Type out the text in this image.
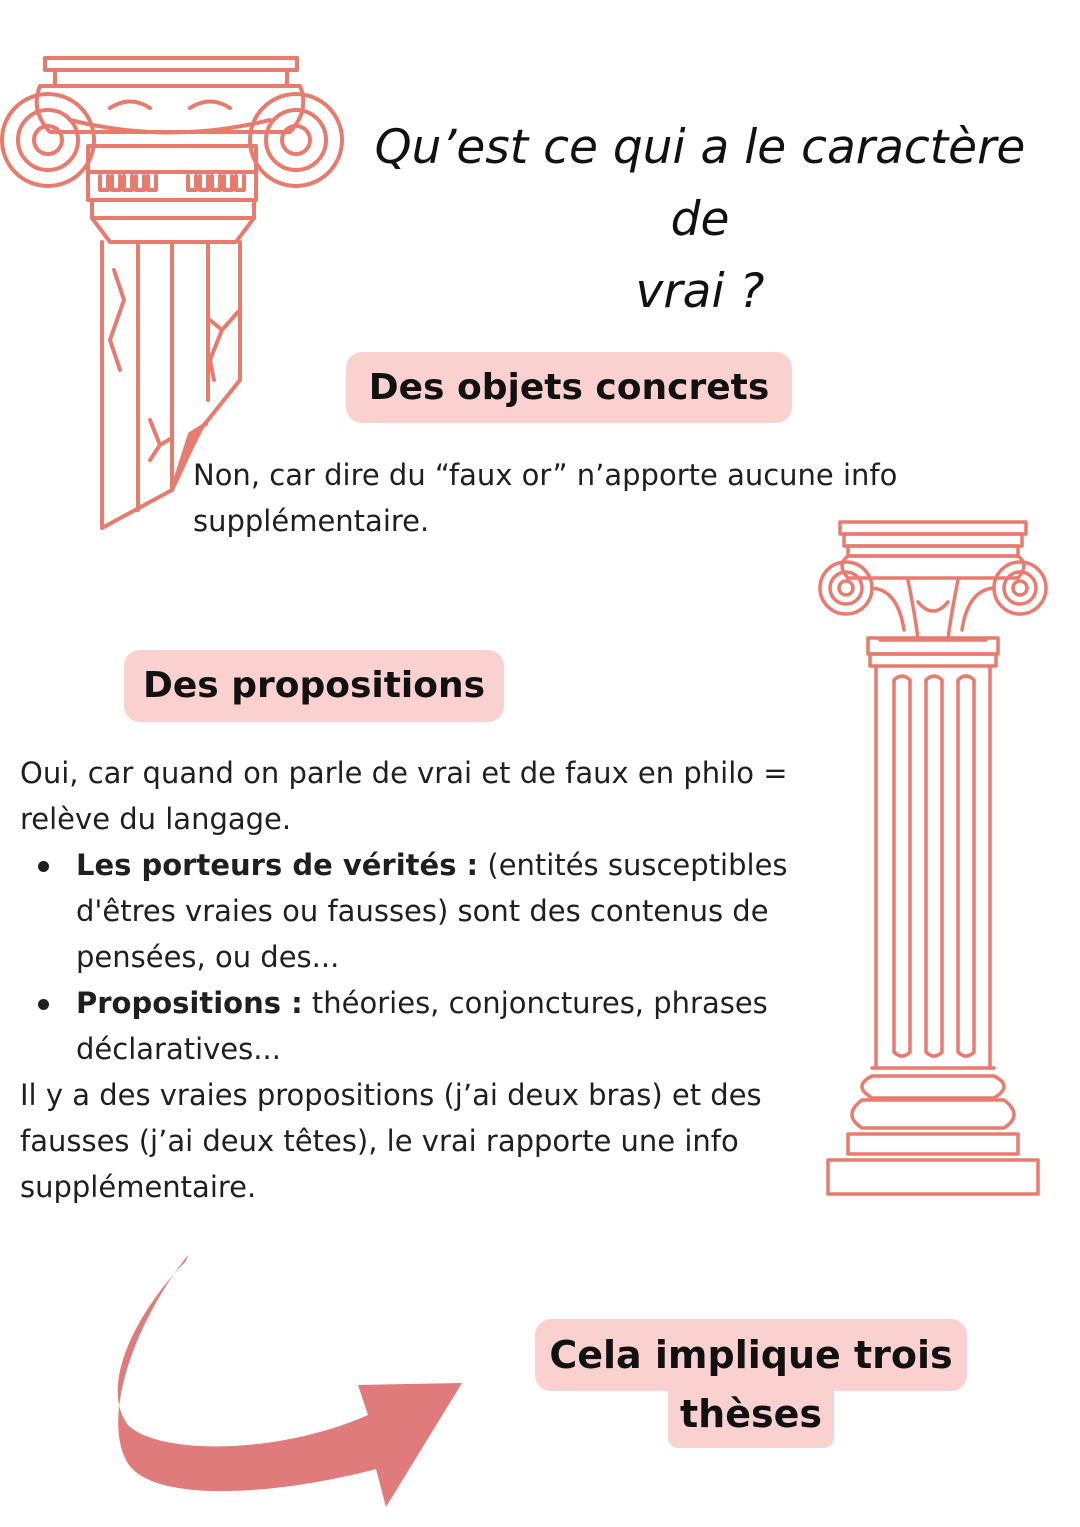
Qu’est ce qui a le caractère de
vrai ?
Des objets concrets
Non, car dire du “faux or” n’apporte aucune info supplémentaire.
Des propositions
Oui, car quand on parle de vrai et de faux en philo = relève du langage.
Les porteurs de vérités : (entités susceptibles d'êtres vraies ou fausses) sont des contenus de pensées, ou des...
Propositions : théories, conjonctures, phrases déclaratives...
Il y a des vraies propositions (j’ai deux bras) et des fausses (j’ai deux têtes), le vrai rapporte une info supplémentaire.
Cela implique trois
thèses
